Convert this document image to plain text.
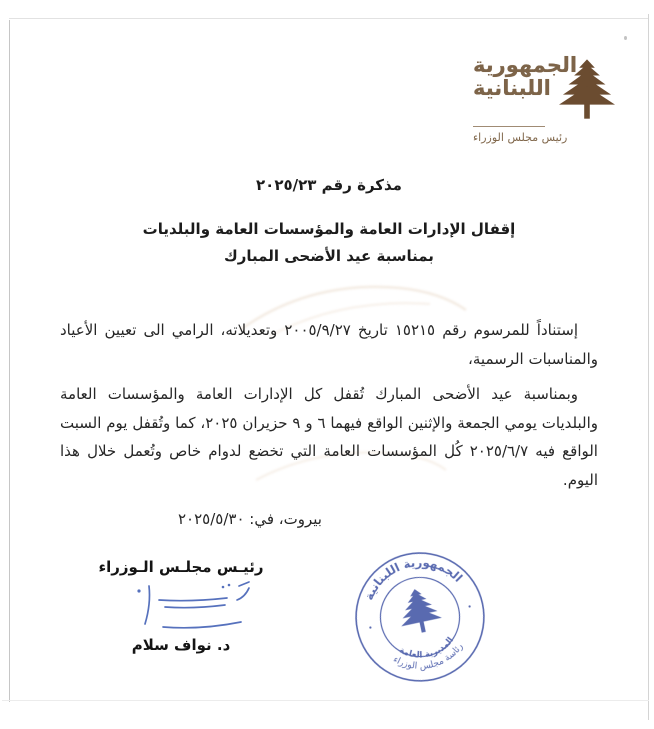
الجمهورية
اللبنانية
رئيس مجلس الوزراء
مذكرة رقم ٢٠٢٥/٢٣
إقفال الإدارات العامة والمؤسسات العامة والبلديات
بمناسبة عيد الأضحى المبارك

إستناداً للمرسوم رقم ١٥٢١٥ تاريخ ٢٠٠٥/٩/٢٧ وتعديلاته، الرامي الى تعيين الأعياد والمناسبات الرسمية،

وبمناسبة عيد الأضحى المبارك تُقفل كل الإدارات العامة والمؤسسات العامة والبلديات يومي الجمعة والإثنين الواقع فيهما ٦ و ٩ حزيران ٢٠٢٥، كما وتُقفل يوم السبت الواقع فيه ٢٠٢٥/٦/٧ كُل المؤسسات العامة التي تخضع لدوام خاص وتُعمل خلال هذا اليوم.

بيروت، في: ٢٠٢٥/٥/٣٠
رئيـس مجلـس الـوزراء
د. نواف سلام
الجمهورية اللبنانية
رئاسة مجلس الوزراء
المديرية العامة
